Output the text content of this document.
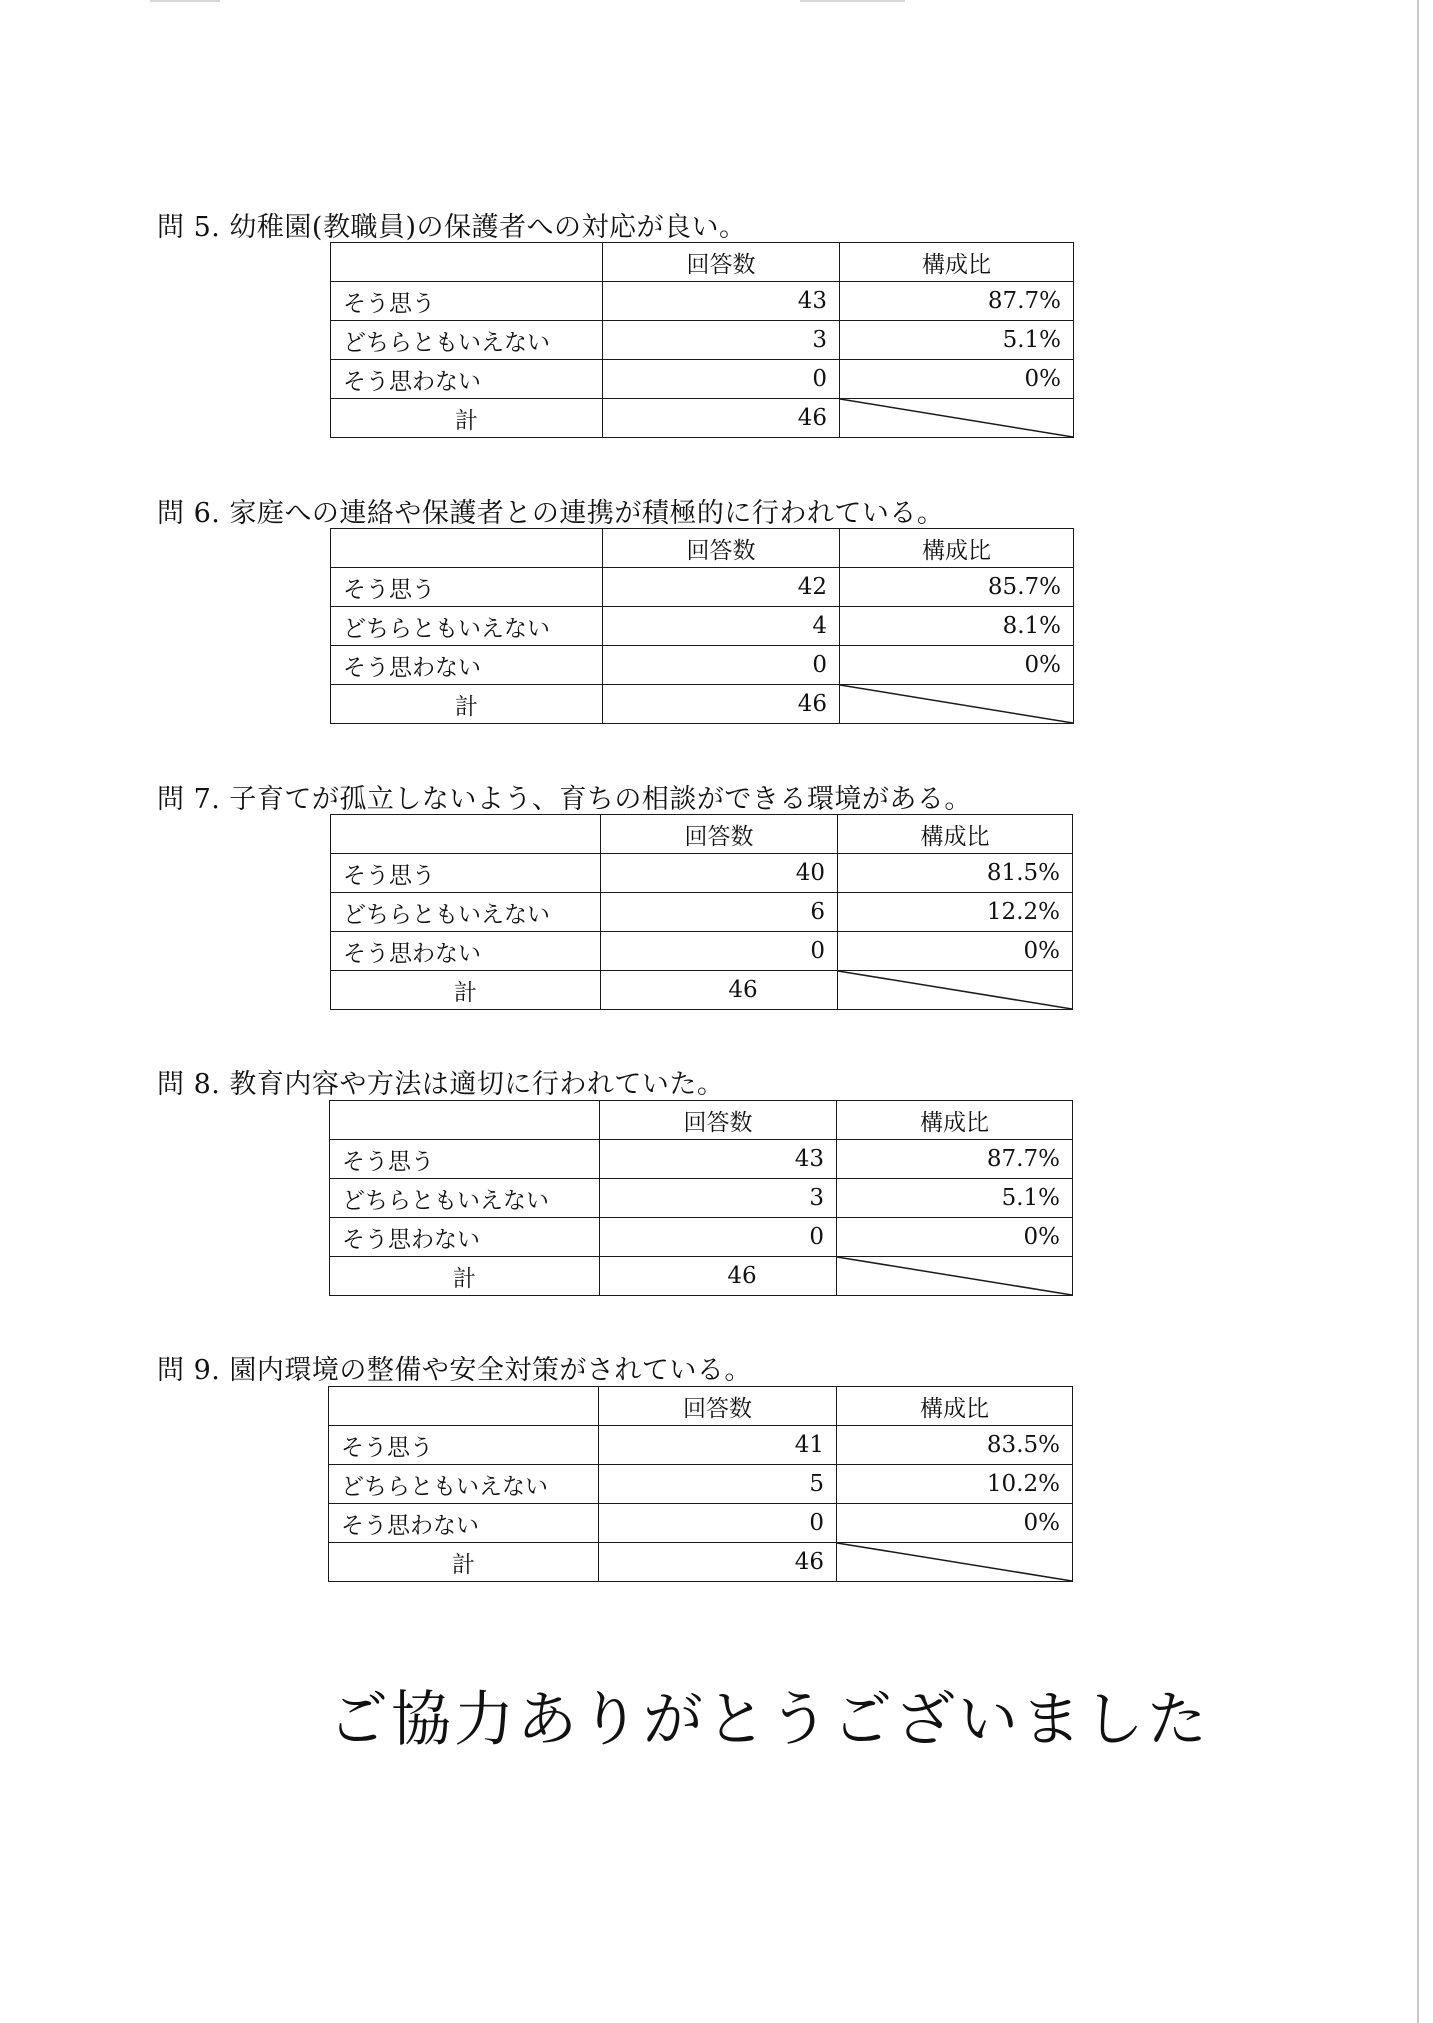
問 5. 幼稚園(教職員)の保護者への対応が良い。
	回答数	構成比
そう思う	43	87.7%
どちらともいえない	3	5.1%
そう思わない	0	0%
計	46	
問 6. 家庭への連絡や保護者との連携が積極的に行われている。
	回答数	構成比
そう思う	42	85.7%
どちらともいえない	4	8.1%
そう思わない	0	0%
計	46	
問 7. 子育てが孤立しないよう、育ちの相談ができる環境がある。
	回答数	構成比
そう思う	40	81.5%
どちらともいえない	6	12.2%
そう思わない	0	0%
計	46	
問 8. 教育内容や方法は適切に行われていた。
	回答数	構成比
そう思う	43	87.7%
どちらともいえない	3	5.1%
そう思わない	0	0%
計	46	
問 9. 園内環境の整備や安全対策がされている。
	回答数	構成比
そう思う	41	83.5%
どちらともいえない	5	10.2%
そう思わない	0	0%
計	46	
ご協力ありがとうございました
